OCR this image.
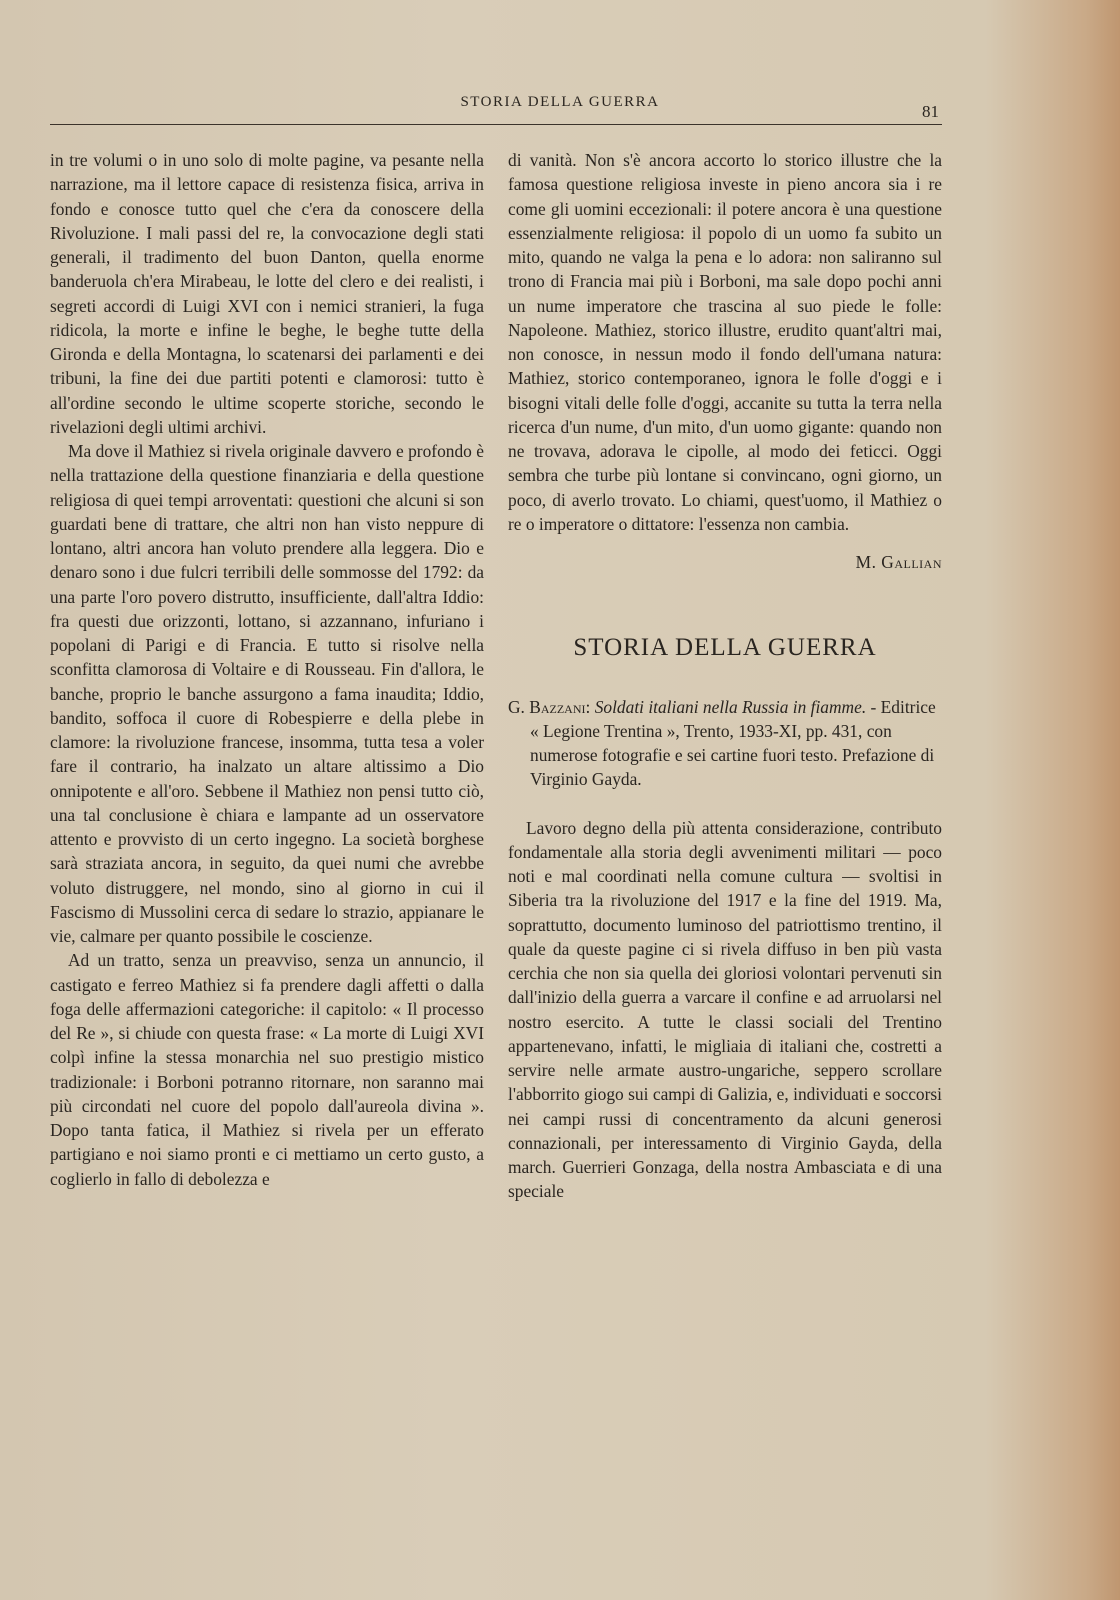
STORIA DELLA GUERRA	81

in tre volumi o in uno solo di molte pagine, va pesante nella narrazione, ma il lettore capace di resistenza fisica, arriva in fondo e conosce tutto quel che c'era da conoscere della Rivoluzione. I mali passi del re, la convocazione degli stati generali, il tradimento del buon Danton, quella enorme banderuola ch'era Mirabeau, le lotte del clero e dei realisti, i segreti accordi di Luigi XVI con i nemici stranieri, la fuga ridicola, la morte e infine le beghe, le beghe tutte della Gironda e della Montagna, lo scatenarsi dei parlamenti e dei tribuni, la fine dei due partiti potenti e clamorosi: tutto è all'ordine secondo le ultime scoperte storiche, secondo le rivelazioni degli ultimi archivi.

Ma dove il Mathiez si rivela originale davvero e profondo è nella trattazione della questione finanziaria e della questione religiosa di quei tempi arroventati: questioni che alcuni si son guardati bene di trattare, che altri non han visto neppure di lontano, altri ancora han voluto prendere alla leggera. Dio e denaro sono i due fulcri terribili delle sommosse del 1792: da una parte l'oro povero distrutto, insufficiente, dall'altra Iddio: fra questi due orizzonti, lottano, si azzannano, infuriano i popolani di Parigi e di Francia. E tutto si risolve nella sconfitta clamorosa di Voltaire e di Rousseau. Fin d'allora, le banche, proprio le banche assurgono a fama inaudita; Iddio, bandito, soffoca il cuore di Robespierre e della plebe in clamore: la rivoluzione francese, insomma, tutta tesa a voler fare il contrario, ha inalzato un altare altissimo a Dio onnipotente e all'oro. Sebbene il Mathiez non pensi tutto ciò, una tal conclusione è chiara e lampante ad un osservatore attento e provvisto di un certo ingegno. La società borghese sarà straziata ancora, in seguito, da quei numi che avrebbe voluto distruggere, nel mondo, sino al giorno in cui il Fascismo di Mussolini cerca di sedare lo strazio, appianare le vie, calmare per quanto possibile le coscienze.

Ad un tratto, senza un preavviso, senza un annuncio, il castigato e ferreo Mathiez si fa prendere dagli affetti o dalla foga delle affermazioni categoriche: il capitolo: « Il processo del Re », si chiude con questa frase: « La morte di Luigi XVI colpì infine la stessa monarchia nel suo prestigio mistico tradizionale: i Borboni potranno ritornare, non saranno mai più circondati nel cuore del popolo dall'aureola divina ». Dopo tanta fatica, il Mathiez si rivela per un efferato partigiano e noi siamo pronti e ci mettiamo un certo gusto, a coglierlo in fallo di debolezza e

di vanità. Non s'è ancora accorto lo storico illustre che la famosa questione religiosa investe in pieno ancora sia i re come gli uomini eccezionali: il potere ancora è una questione essenzialmente religiosa: il popolo di un uomo fa subito un mito, quando ne valga la pena e lo adora: non saliranno sul trono di Francia mai più i Borboni, ma sale dopo pochi anni un nume imperatore che trascina al suo piede le folle: Napoleone. Mathiez, storico illustre, erudito quant'altri mai, non conosce, in nessun modo il fondo dell'umana natura: Mathiez, storico contemporaneo, ignora le folle d'oggi e i bisogni vitali delle folle d'oggi, accanite su tutta la terra nella ricerca d'un nume, d'un mito, d'un uomo gigante: quando non ne trovava, adorava le cipolle, al modo dei feticci. Oggi sembra che turbe più lontane si convincano, ogni giorno, un poco, di averlo trovato. Lo chiami, quest'uomo, il Mathiez o re o imperatore o dittatore: l'essenza non cambia.

M. Gallian

STORIA DELLA GUERRA

G. Bazzani: Soldati italiani nella Russia in fiamme. - Editrice « Legione Trentina », Trento, 1933-XI, pp. 431, con numerose fotografie e sei cartine fuori testo. Prefazione di Virginio Gayda.

Lavoro degno della più attenta considerazione, contributo fondamentale alla storia degli avvenimenti militari — poco noti e mal coordinati nella comune cultura — svoltisi in Siberia tra la rivoluzione del 1917 e la fine del 1919. Ma, soprattutto, documento luminoso del patriottismo trentino, il quale da queste pagine ci si rivela diffuso in ben più vasta cerchia che non sia quella dei gloriosi volontari pervenuti sin dall'inizio della guerra a varcare il confine e ad arruolarsi nel nostro esercito. A tutte le classi sociali del Trentino appartenevano, infatti, le migliaia di italiani che, costretti a servire nelle armate austro-ungariche, seppero scrollare l'abborrito giogo sui campi di Galizia, e, individuati e soccorsi nei campi russi di concentramento da alcuni generosi connazionali, per interessamento di Virginio Gayda, della march. Guerrieri Gonzaga, della nostra Ambasciata e di una speciale
